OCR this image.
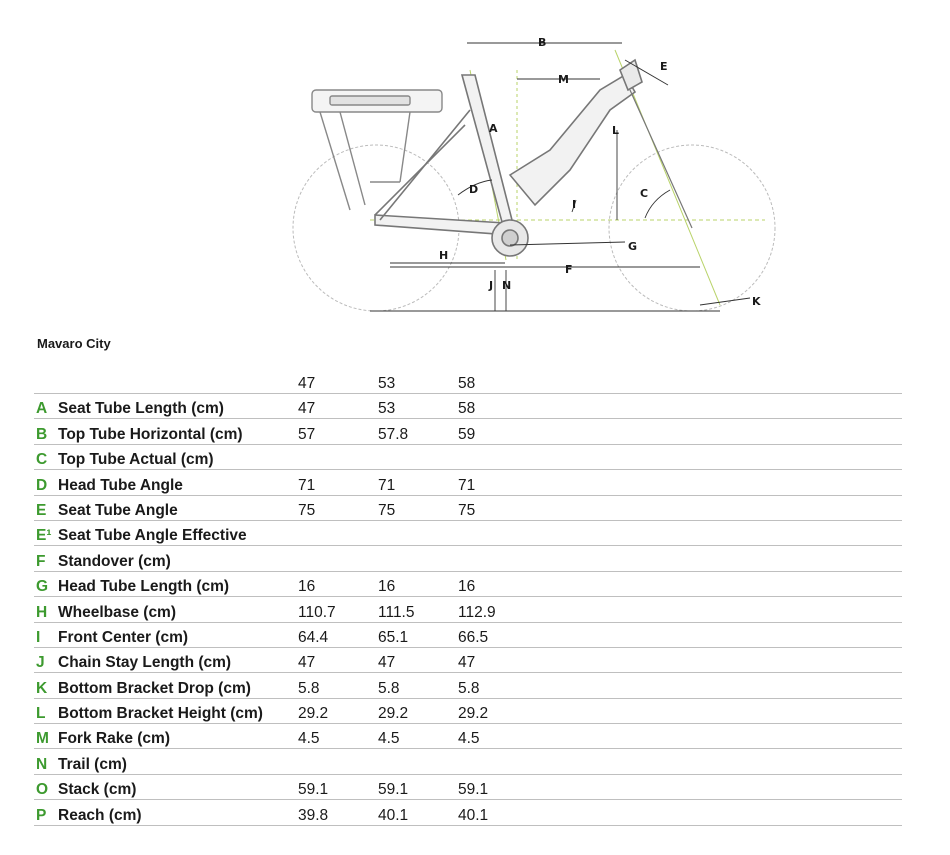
B
M
E
A	L
D	C
I
G
H
F
J N
K
Mavaro City
		47	53	58	
A	Seat Tube Length (cm)	47	53	58	
B	Top Tube Horizontal (cm)	57	57.8	59	
C	Top Tube Actual (cm)				
D	Head Tube Angle	71	71	71	
E	Seat Tube Angle	75	75	75	
E¹	Seat Tube Angle Effective				
F	Standover (cm)				
G	Head Tube Length (cm)	16	16	16	
H	Wheelbase (cm)	110.7	111.5	112.9	
I	Front Center (cm)	64.4	65.1	66.5	
J	Chain Stay Length (cm)	47	47	47	
K	Bottom Bracket Drop (cm)	5.8	5.8	5.8	
L	Bottom Bracket Height (cm)	29.2	29.2	29.2	
M	Fork Rake (cm)	4.5	4.5	4.5	
N	Trail (cm)				
O	Stack (cm)	59.1	59.1	59.1	
P	Reach (cm)	39.8	40.1	40.1	
